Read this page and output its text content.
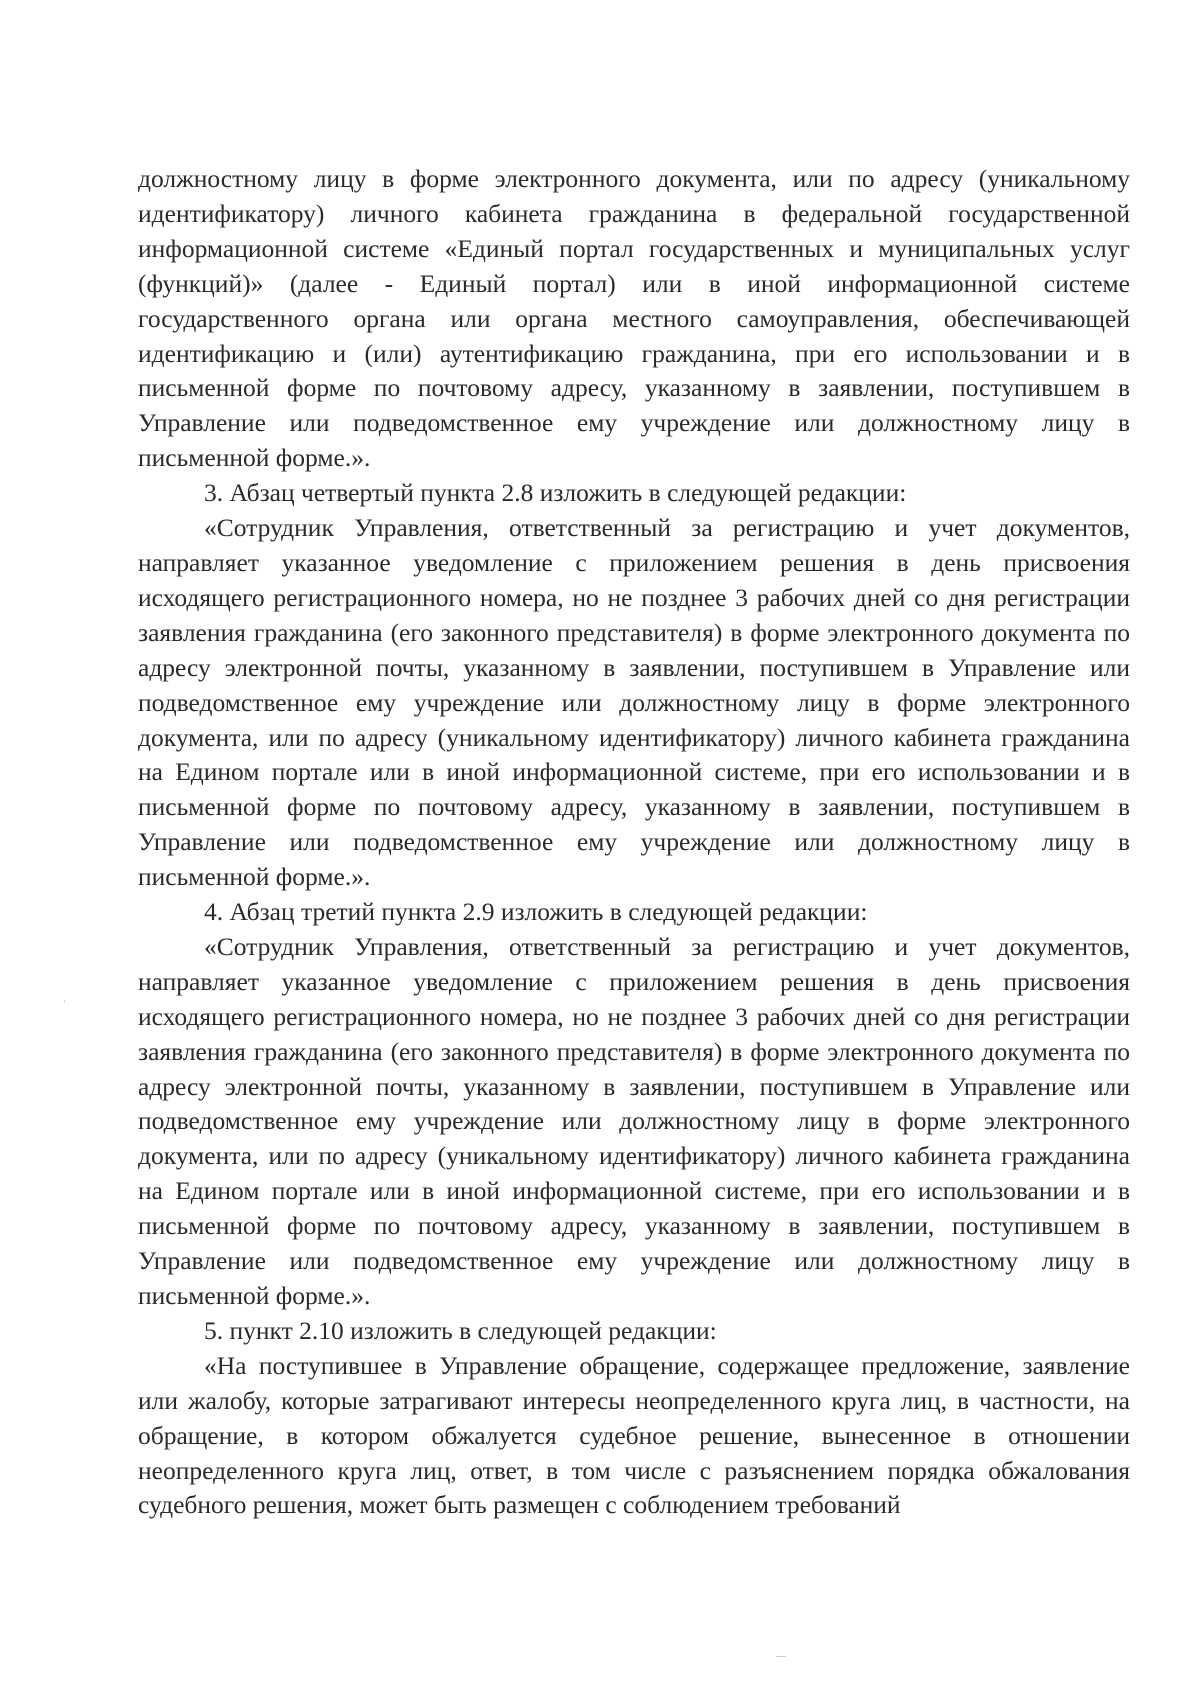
должностному лицу в форме электронного документа, или по адресу (уникальному идентификатору) личного кабинета гражданина в федеральной государственной информационной системе «Единый портал государственных и муниципальных услуг (функций)» (далее - Единый портал) или в иной информационной системе государственного органа или органа местного самоуправления, обеспечивающей идентификацию и (или) аутентификацию гражданина, при его использовании и в письменной форме по почтовому адресу, указанному в заявлении, поступившем в Управление или подведомственное ему учреждение или должностному лицу в письменной форме.».

3. Абзац четвертый пункта 2.8 изложить в следующей редакции:

«Сотрудник Управления, ответственный за регистрацию и учет документов, направляет указанное уведомление с приложением решения в день присвоения исходящего регистрационного номера, но не позднее 3 рабочих дней со дня регистрации заявления гражданина (его законного представителя) в форме электронного документа по адресу электронной почты, указанному в заявлении, поступившем в Управление или подведомственное ему учреждение или должностному лицу в форме электронного документа, или по адресу (уникальному идентификатору) личного кабинета гражданина на Едином портале или в иной информационной системе, при его использовании и в письменной форме по почтовому адресу, указанному в заявлении, поступившем в Управление или подведомственное ему учреждение или должностному лицу в письменной форме.».

4. Абзац третий пункта 2.9 изложить в следующей редакции:

«Сотрудник Управления, ответственный за регистрацию и учет документов, направляет указанное уведомление с приложением решения в день присвоения исходящего регистрационного номера, но не позднее 3 рабочих дней со дня регистрации заявления гражданина (его законного представителя) в форме электронного документа по адресу электронной почты, указанному в заявлении, поступившем в Управление или подведомственное ему учреждение или должностному лицу в форме электронного документа, или по адресу (уникальному идентификатору) личного кабинета гражданина на Едином портале или в иной информационной системе, при его использовании и в письменной форме по почтовому адресу, указанному в заявлении, поступившем в Управление или подведомственное ему учреждение или должностному лицу в письменной форме.».

5. пункт 2.10 изложить в следующей редакции:

«На поступившее в Управление обращение, содержащее предложение, заявление или жалобу, которые затрагивают интересы неопределенного круга лиц, в частности, на обращение, в котором обжалуется судебное решение, вынесенное в отношении неопределенного круга лиц, ответ, в том числе с разъяснением порядка обжалования судебного решения, может быть размещен с соблюдением требований
